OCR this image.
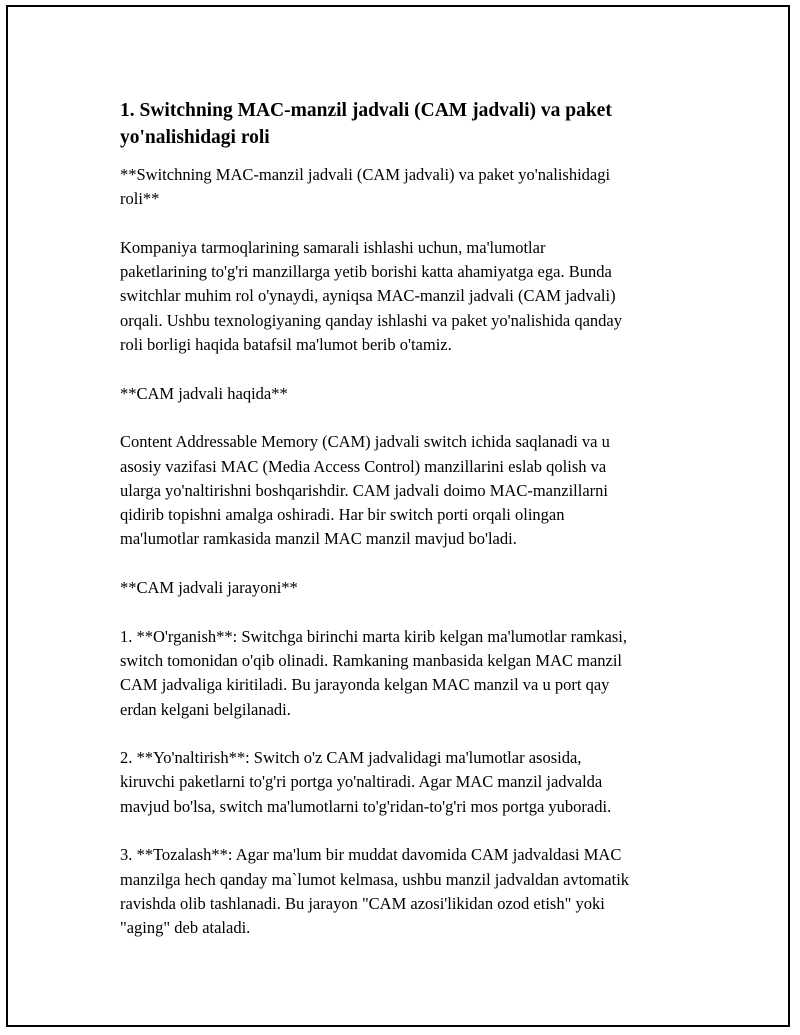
1. Switchning MAC-manzil jadvali (CAM jadvali) va paket
yo'nalishidagi roli

**Switchning MAC-manzil jadvali (CAM jadvali) va paket yo'nalishidagi
roli**

Kompaniya tarmoqlarining samarali ishlashi uchun, ma'lumotlar
paketlarining to'g'ri manzillarga yetib borishi katta ahamiyatga ega. Bunda
switchlar muhim rol o'ynaydi, ayniqsa MAC-manzil jadvali (CAM jadvali)
orqali. Ushbu texnologiyaning qanday ishlashi va paket yo'nalishida qanday
roli borligi haqida batafsil ma'lumot berib o'tamiz.

**CAM jadvali haqida**

Content Addressable Memory (CAM) jadvali switch ichida saqlanadi va u
asosiy vazifasi MAC (Media Access Control) manzillarini eslab qolish va
ularga yo'naltirishni boshqarishdir. CAM jadvali doimo MAC-manzillarni
qidirib topishni amalga oshiradi. Har bir switch porti orqali olingan
ma'lumotlar ramkasida manzil MAC manzil mavjud bo'ladi.

**CAM jadvali jarayoni**

1. **O'rganish**: Switchga birinchi marta kirib kelgan ma'lumotlar ramkasi,
switch tomonidan o'qib olinadi. Ramkaning manbasida kelgan MAC manzil
CAM jadvaliga kiritiladi. Bu jarayonda kelgan MAC manzil va u port qay
erdan kelgani belgilanadi.

2. **Yo'naltirish**: Switch o'z CAM jadvalidagi ma'lumotlar asosida,
kiruvchi paketlarni to'g'ri portga yo'naltiradi. Agar MAC manzil jadvalda
mavjud bo'lsa, switch ma'lumotlarni to'g'ridan-to'g'ri mos portga yuboradi.

3. **Tozalash**: Agar ma'lum bir muddat davomida CAM jadvaldasi MAC
manzilga hech qanday ma`lumot kelmasa, ushbu manzil jadvaldan avtomatik
ravishda olib tashlanadi. Bu jarayon "CAM azosi'likidan ozod etish" yoki
"aging" deb ataladi.
